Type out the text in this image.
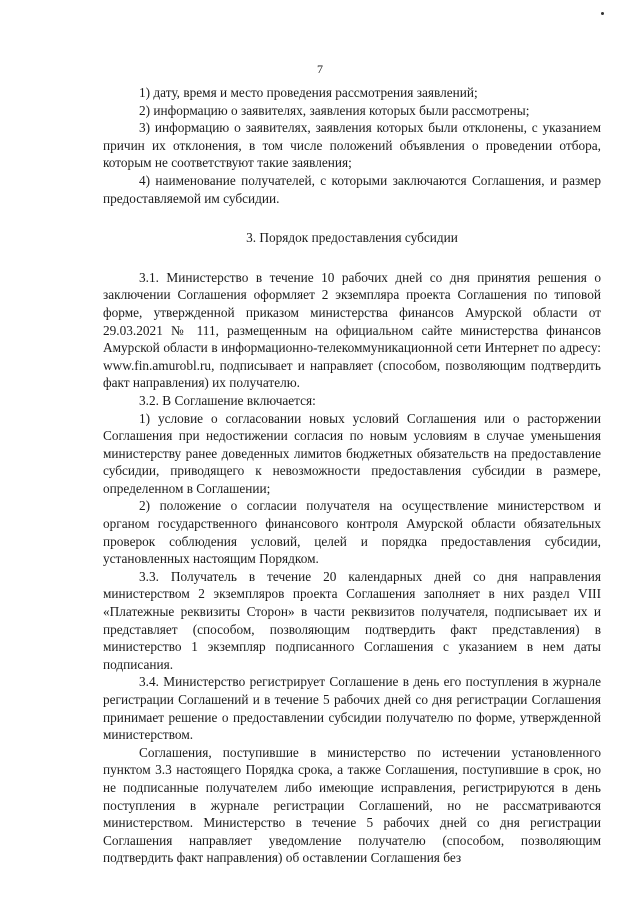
7

1) дату, время и место проведения рассмотрения заявлений;

2) информацию о заявителях, заявления которых были рассмотрены;

3) информацию о заявителях, заявления которых были отклонены, с указанием причин их отклонения, в том числе положений объявления о проведении отбора, которым не соответствуют такие заявления;

4) наименование получателей, с которыми заключаются Соглашения, и размер предоставляемой им субсидии.

3. Порядок предоставления субсидии

3.1. Министерство в течение 10 рабочих дней со дня принятия решения о заключении Соглашения оформляет 2 экземпляра проекта Соглашения по типовой форме, утвержденной приказом министерства финансов Амурской области от 29.03.2021 № 111, размещенным на официальном сайте министерства финансов Амурской области в информационно-телекоммуникационной сети Интернет по адресу: www.fin.amurobl.ru, подписывает и направляет (способом, позволяющим подтвердить факт направления) их получателю.

3.2. В Соглашение включается:

1) условие о согласовании новых условий Соглашения или о расторжении Соглашения при недостижении согласия по новым условиям в случае уменьшения министерству ранее доведенных лимитов бюджетных обязательств на предоставление субсидии, приводящего к невозможности предоставления субсидии в размере, определенном в Соглашении;

2) положение о согласии получателя на осуществление министерством и органом государственного финансового контроля Амурской области обязательных проверок соблюдения условий, целей и порядка предоставления субсидии, установленных настоящим Порядком.

3.3. Получатель в течение 20 календарных дней со дня направления министерством 2 экземпляров проекта Соглашения заполняет в них раздел VIII «Платежные реквизиты Сторон» в части реквизитов получателя, подписывает их и представляет (способом, позволяющим подтвердить факт представления) в министерство 1 экземпляр подписанного Соглашения с указанием в нем даты подписания.

3.4. Министерство регистрирует Соглашение в день его поступления в журнале регистрации Соглашений и в течение 5 рабочих дней со дня регистрации Соглашения принимает решение о предоставлении субсидии получателю по форме, утвержденной министерством.

Соглашения, поступившие в министерство по истечении установленного пунктом 3.3 настоящего Порядка срока, а также Соглашения, поступившие в срок, но не подписанные получателем либо имеющие исправления, регистрируются в день поступления в журнале регистрации Соглашений, но не рассматриваются министерством. Министерство в течение 5 рабочих дней со дня регистрации Соглашения направляет уведомление получателю (способом, позволяющим подтвердить факт направления) об оставлении Соглашения без
